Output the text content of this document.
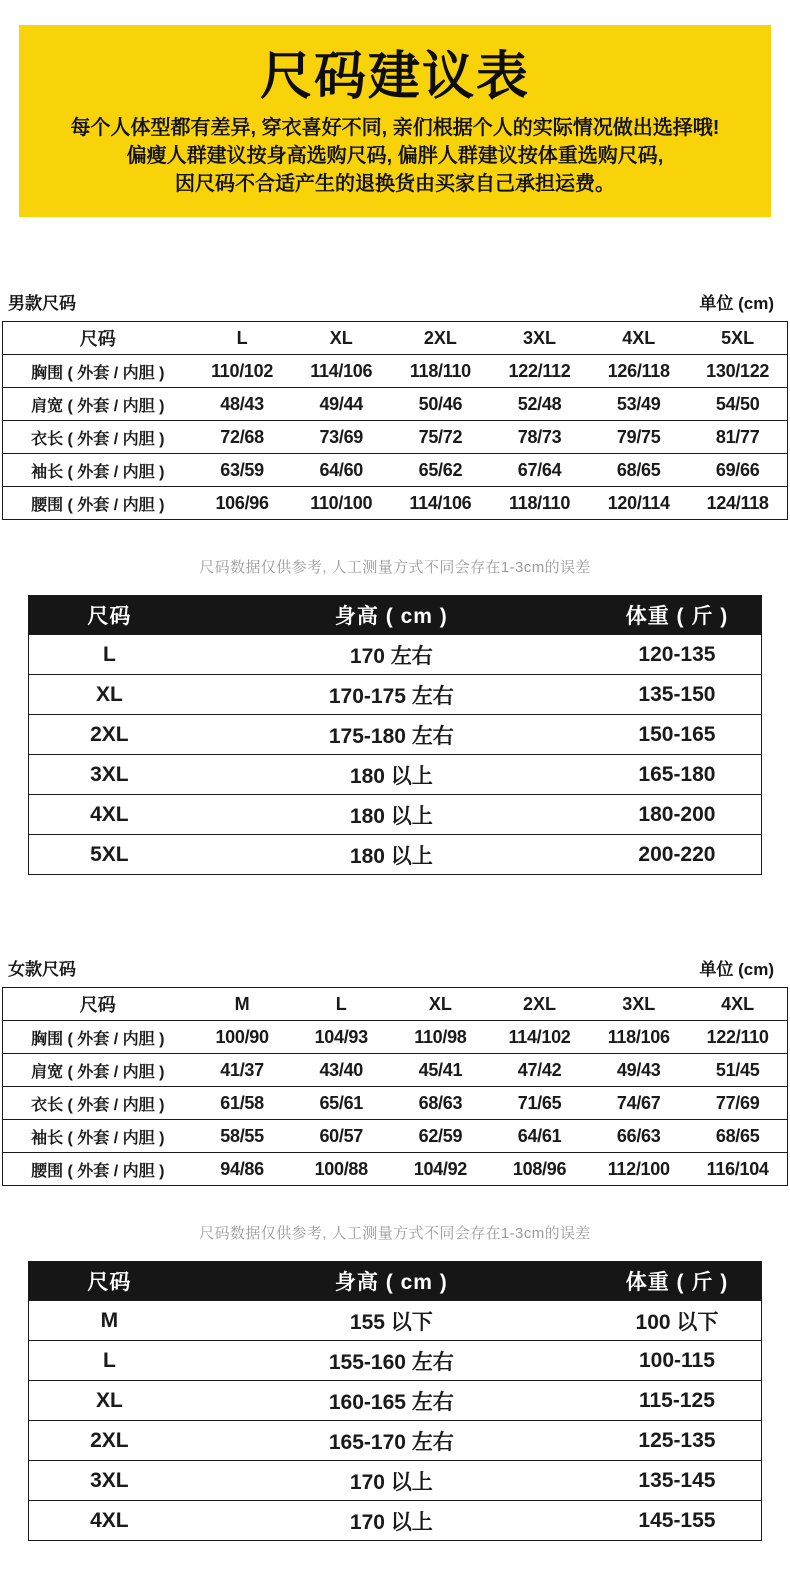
尺码建议表

每个人体型都有差异, 穿衣喜好不同, 亲们根据个人的实际情况做出选择哦!

偏瘦人群建议按身高选购尺码, 偏胖人群建议按体重选购尺码,

因尺码不合适产生的退换货由买家自己承担运费。

男款尺码	单位 (cm)
尺码	L	XL	2XL	3XL	4XL	5XL
胸围 ( 外套 / 内胆 )	110/102	114/106	118/110	122/112	126/118	130/122
肩宽 ( 外套 / 内胆 )	48/43	49/44	50/46	52/48	53/49	54/50
衣长 ( 外套 / 内胆 )	72/68	73/69	75/72	78/73	79/75	81/77
袖长 ( 外套 / 内胆 )	63/59	64/60	65/62	67/64	68/65	69/66
腰围 ( 外套 / 内胆 )	106/96	110/100	114/106	118/110	120/114	124/118

尺码数据仅供参考, 人工测量方式不同会存在1-3cm的误差

尺码	身高 ( cm )	体重 ( 斤 )
L	170 左右	120-135
XL	170-175 左右	135-150
2XL	175-180 左右	150-165
3XL	180 以上	165-180
4XL	180 以上	180-200
5XL	180 以上	200-220
女款尺码	单位 (cm)
尺码	M	L	XL	2XL	3XL	4XL
胸围 ( 外套 / 内胆 )	100/90	104/93	110/98	114/102	118/106	122/110
肩宽 ( 外套 / 内胆 )	41/37	43/40	45/41	47/42	49/43	51/45
衣长 ( 外套 / 内胆 )	61/58	65/61	68/63	71/65	74/67	77/69
袖长 ( 外套 / 内胆 )	58/55	60/57	62/59	64/61	66/63	68/65
腰围 ( 外套 / 内胆 )	94/86	100/88	104/92	108/96	112/100	116/104

尺码数据仅供参考, 人工测量方式不同会存在1-3cm的误差

尺码	身高 ( cm )	体重 ( 斤 )
M	155 以下	100 以下
L	155-160 左右	100-115
XL	160-165 左右	115-125
2XL	165-170 左右	125-135
3XL	170 以上	135-145
4XL	170 以上	145-155
